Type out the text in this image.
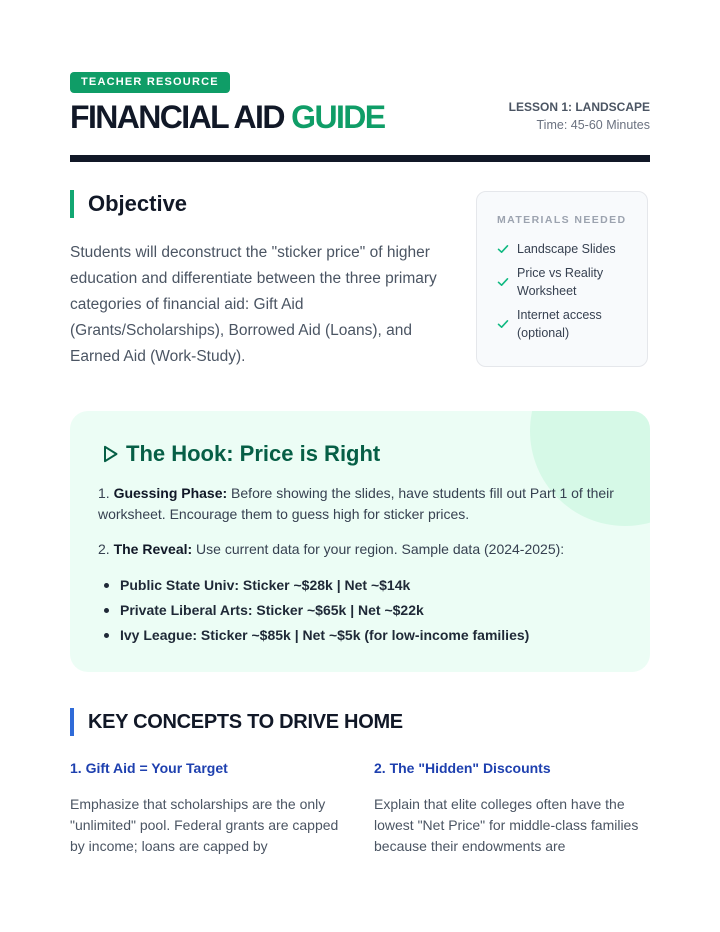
TEACHER RESOURCE
FINANCIAL AID GUIDE	LESSON 1: LANDSCAPE
Time: 45-60 Minutes
Objective

Students will deconstruct the "sticker price" of higher education and differentiate between the three primary categories of financial aid: Gift Aid (Grants/Scholarships), Borrowed Aid (Loans), and Earned Aid (Work-Study).

MATERIALS NEEDED
Landscape Slides
Price vs Reality Worksheet
Internet access (optional)
The Hook: Price is Right

1. Guessing Phase: Before showing the slides, have students fill out Part 1 of their worksheet. Encourage them to guess high for sticker prices.

2. The Reveal: Use current data for your region. Sample data (2024-2025):

Public State Univ: Sticker ~$28k | Net ~$14k
Private Liberal Arts: Sticker ~$65k | Net ~$22k
Ivy League: Sticker ~$85k | Net ~$5k (for low-income families)
KEY CONCEPTS TO DRIVE HOME
1. Gift Aid = Your Target

Emphasize that scholarships are the only "unlimited" pool. Federal grants are capped by income; loans are capped by

2. The "Hidden" Discounts

Explain that elite colleges often have the lowest "Net Price" for middle-class families because their endowments are
